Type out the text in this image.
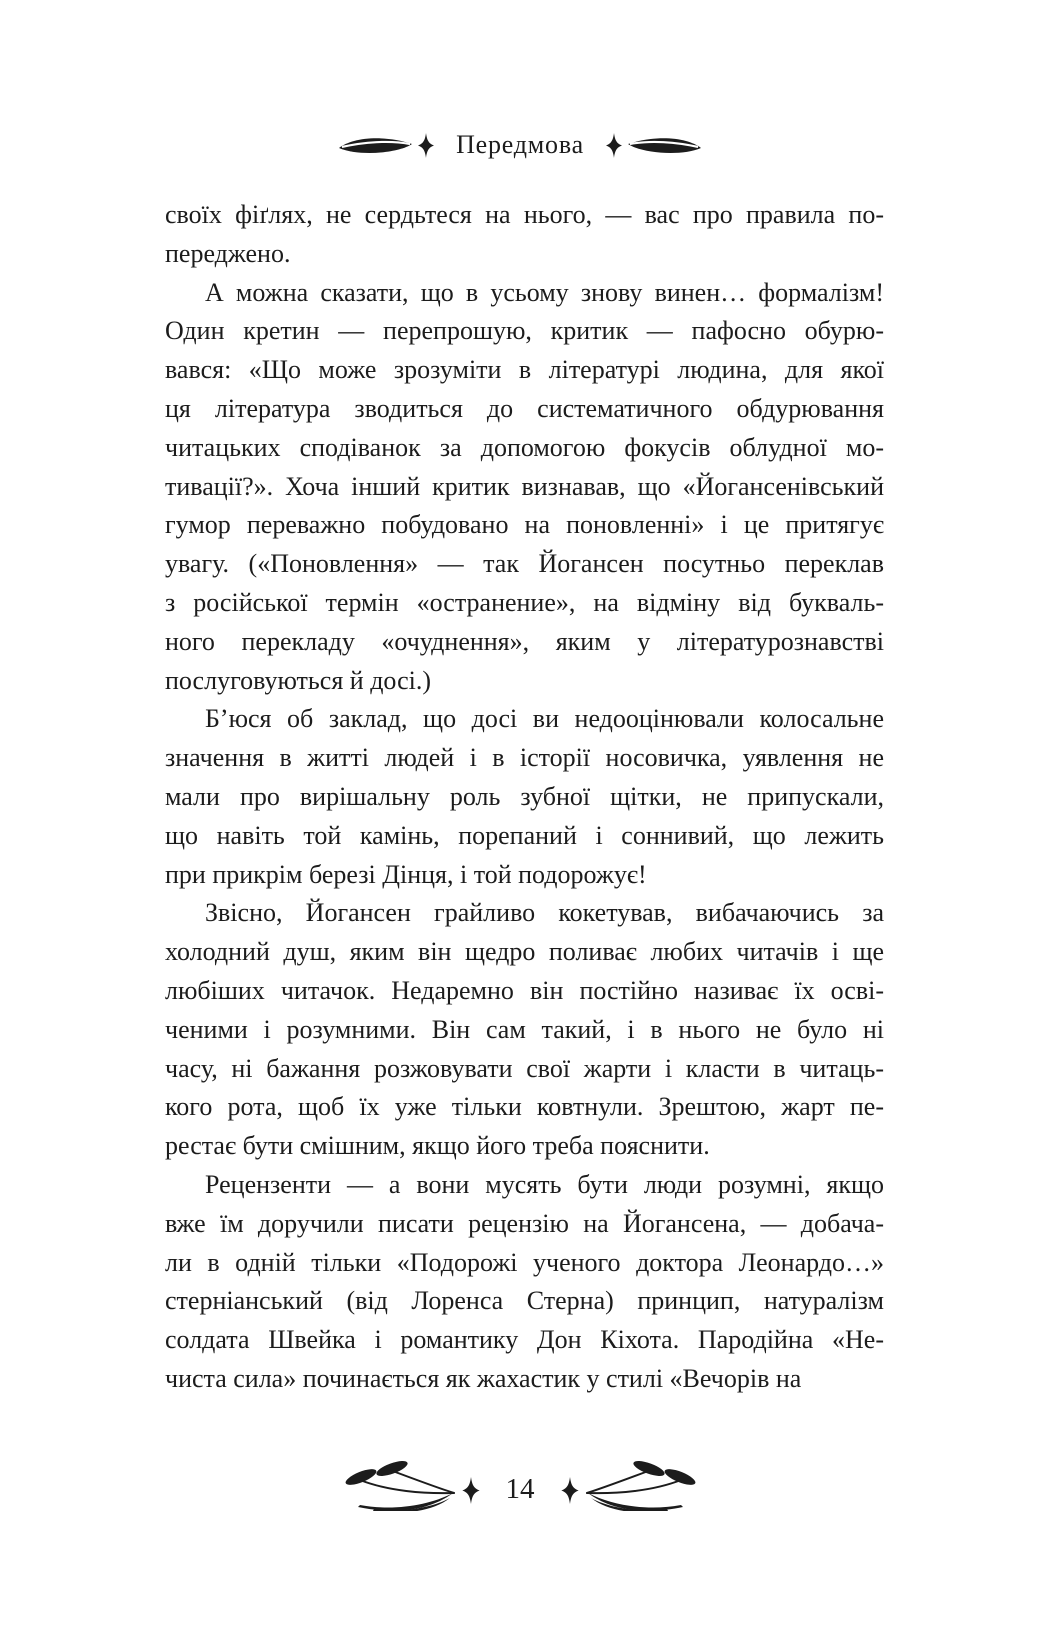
Передмова
своїх фіґлях, не сердьтеся на нього, — вас про правила по-
переджено.
А можна сказати, що в усьому знову винен… формалізм!
Один кретин — перепрошую, критик — пафосно обурю-
вався: «Що може зрозуміти в літературі людина, для якої
ця література зводиться до систематичного обдурювання
читацьких сподіванок за допомогою фокусів облудної мо-
тивації?». Хоча інший критик визнавав, що «Йогансенівський
гумор переважно побудовано на поновленні» і це притягує
увагу. («Поновлення» — так Йогансен посутньо переклав
з російської термін «остранение», на відміну від букваль-
ного перекладу «очуднення», яким у літературознавстві
послуговуються й досі.)
Б’юся об заклад, що досі ви недооцінювали колосальне
значення в житті людей і в історії носовичка, уявлення не
мали про вирішальну роль зубної щітки, не припускали,
що навіть той камінь, порепаний і соннивий, що лежить
при прикрім березі Дінця, і той подорожує!
Звісно, Йогансен грайливо кокетував, вибачаючись за
холодний душ, яким він щедро поливає любих читачів і ще
любіших читачок. Недаремно він постійно називає їх осві-
ченими і розумними. Він сам такий, і в нього не було ні
часу, ні бажання розжовувати свої жарти і класти в читаць-
кого рота, щоб їх уже тільки ковтнули. Зрештою, жарт пе-
рестає бути смішним, якщо його треба пояснити.
Рецензенти — а вони мусять бути люди розумні, якщо
вже їм доручили писати рецензію на Йогансена, — добача-
ли в одній тільки «Подорожі ученого доктора Леонардо…»
стерніанський (від Лоренса Стерна) принцип, натуралізм
солдата Швейка і романтику Дон Кіхота. Пародійна «Не-
чиста сила» починається як жахастик у стилі «Вечорів на
14
